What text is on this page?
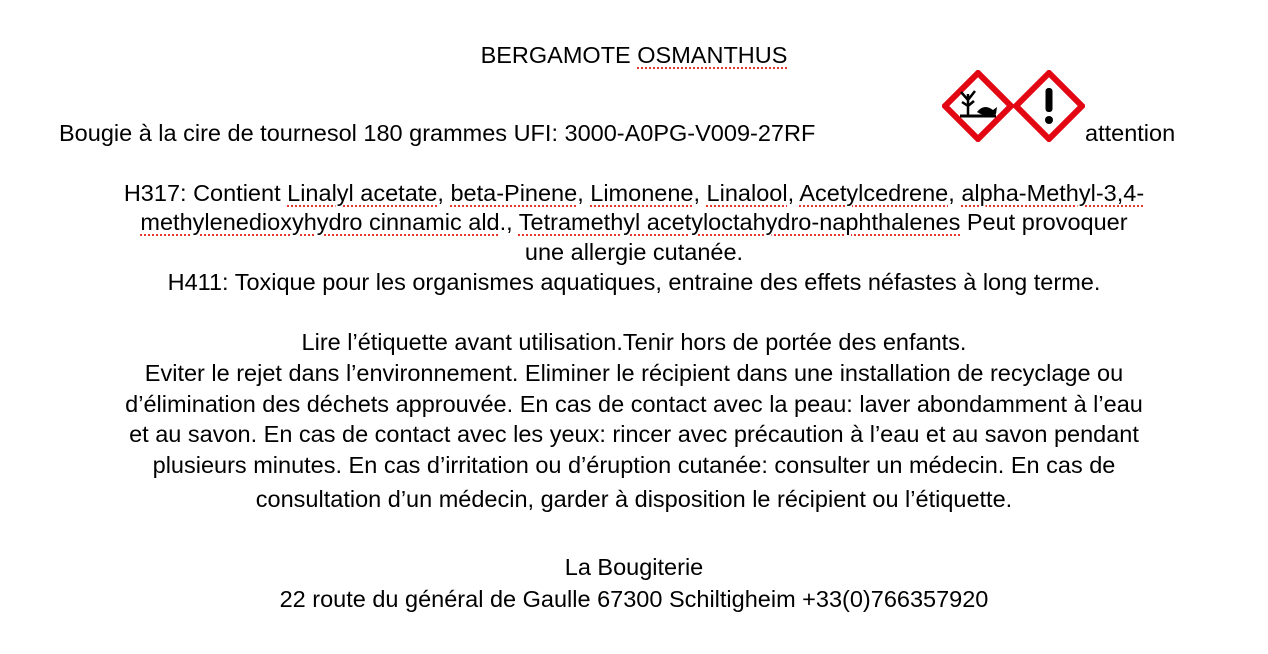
BERGAMOTE OSMANTHUS
Bougie à la cire de tournesol 180 grammes UFI: 3000-A0PG-V009-27RF	attention
H317: Contient Linalyl acetate, beta-Pinene, Limonene, Linalool, Acetylcedrene, alpha-Methyl-3,4-
methylenedioxyhydro cinnamic ald., Tetramethyl acetyloctahydro-naphthalenes Peut provoquer
une allergie cutanée.
H411: Toxique pour les organismes aquatiques, entraine des effets néfastes à long terme.
Lire l’étiquette avant utilisation.Tenir hors de portée des enfants.
Eviter le rejet dans l’environnement. Eliminer le récipient dans une installation de recyclage ou
d’élimination des déchets approuvée. En cas de contact avec la peau: laver abondamment à l’eau
et au savon. En cas de contact avec les yeux: rincer avec précaution à l’eau et au savon pendant
plusieurs minutes. En cas d’irritation ou d’éruption cutanée: consulter un médecin. En cas de
consultation d’un médecin, garder à disposition le récipient ou l’étiquette.
La Bougiterie
22 route du général de Gaulle 67300 Schiltigheim +33(0)766357920
